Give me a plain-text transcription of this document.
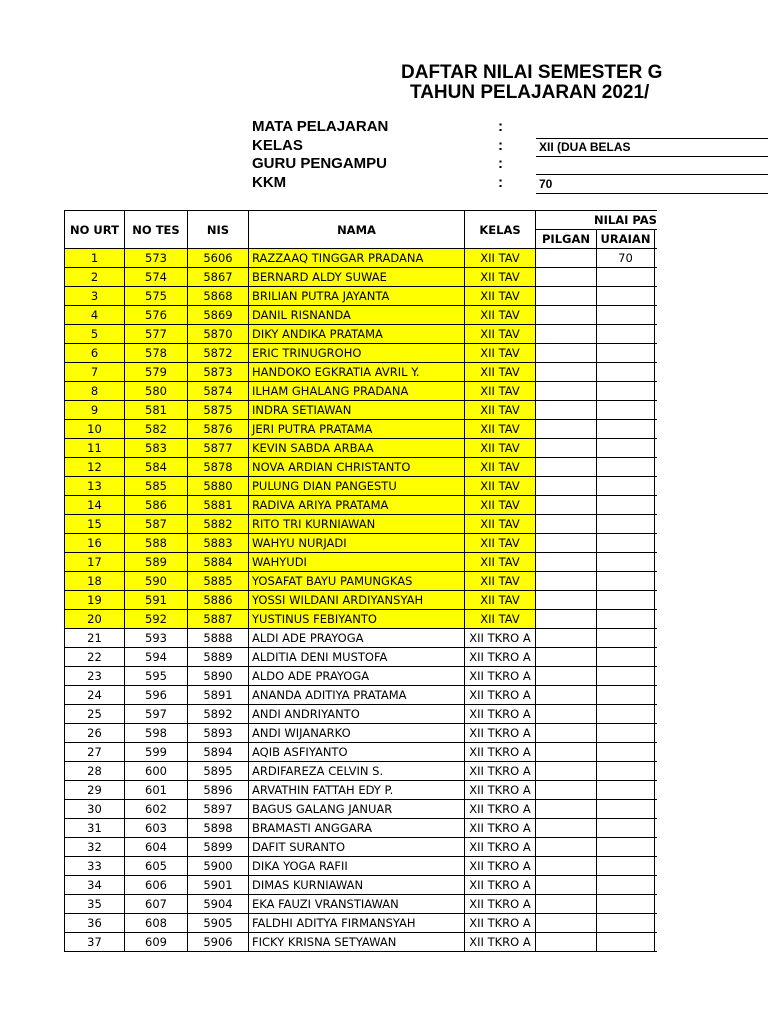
DAFTAR NILAI SEMESTER G
TAHUN PELAJARAN 2021/
MATA PELAJARAN	:
KELAS	:	XII (DUA BELAS
GURU PENGAMPU	:
KKM	:	70
NO URT	NO TES	NIS	NAMA	KELAS	NILAI PAS		
					PILGAN	URAIAN	
1	573	5606	RAZZAAQ TINGGAR PRADANA	XII TAV		70	
2	574	5867	BERNARD ALDY SUWAE	XII TAV			
3	575	5868	BRILIAN PUTRA JAYANTA	XII TAV			
4	576	5869	DANIL RISNANDA	XII TAV			
5	577	5870	DIKY ANDIKA PRATAMA	XII TAV			
6	578	5872	ERIC TRINUGROHO	XII TAV			
7	579	5873	HANDOKO EGKRATIA AVRIL Y.	XII TAV			
8	580	5874	ILHAM GHALANG PRADANA	XII TAV			
9	581	5875	INDRA SETIAWAN	XII TAV			
10	582	5876	JERI PUTRA PRATAMA	XII TAV			
11	583	5877	KEVIN SABDA ARBAA	XII TAV			
12	584	5878	NOVA ARDIAN CHRISTANTO	XII TAV			
13	585	5880	PULUNG DIAN PANGESTU	XII TAV			
14	586	5881	RADIVA ARIYA PRATAMA	XII TAV			
15	587	5882	RITO TRI KURNIAWAN	XII TAV			
16	588	5883	WAHYU NURJADI	XII TAV			
17	589	5884	WAHYUDI	XII TAV			
18	590	5885	YOSAFAT BAYU PAMUNGKAS	XII TAV			
19	591	5886	YOSSI WILDANI ARDIYANSYAH	XII TAV			
20	592	5887	YUSTINUS FEBIYANTO	XII TAV			
21	593	5888	ALDI ADE PRAYOGA	XII TKRO A			
22	594	5889	ALDITIA DENI MUSTOFA	XII TKRO A			
23	595	5890	ALDO ADE PRAYOGA	XII TKRO A			
24	596	5891	ANANDA ADITIYA PRATAMA	XII TKRO A			
25	597	5892	ANDI ANDRIYANTO	XII TKRO A			
26	598	5893	ANDI WIJANARKO	XII TKRO A			
27	599	5894	AQIB ASFIYANTO	XII TKRO A			
28	600	5895	ARDIFAREZA CELVIN S.	XII TKRO A			
29	601	5896	ARVATHIN FATTAH EDY P.	XII TKRO A			
30	602	5897	BAGUS GALANG JANUAR	XII TKRO A			
31	603	5898	BRAMASTI ANGGARA	XII TKRO A			
32	604	5899	DAFIT SURANTO	XII TKRO A			
33	605	5900	DIKA YOGA RAFII	XII TKRO A			
34	606	5901	DIMAS KURNIAWAN	XII TKRO A			
35	607	5904	EKA FAUZI VRANSTIAWAN	XII TKRO A			
36	608	5905	FALDHI ADITYA FIRMANSYAH	XII TKRO A			
37	609	5906	FICKY KRISNA SETYAWAN	XII TKRO A			
